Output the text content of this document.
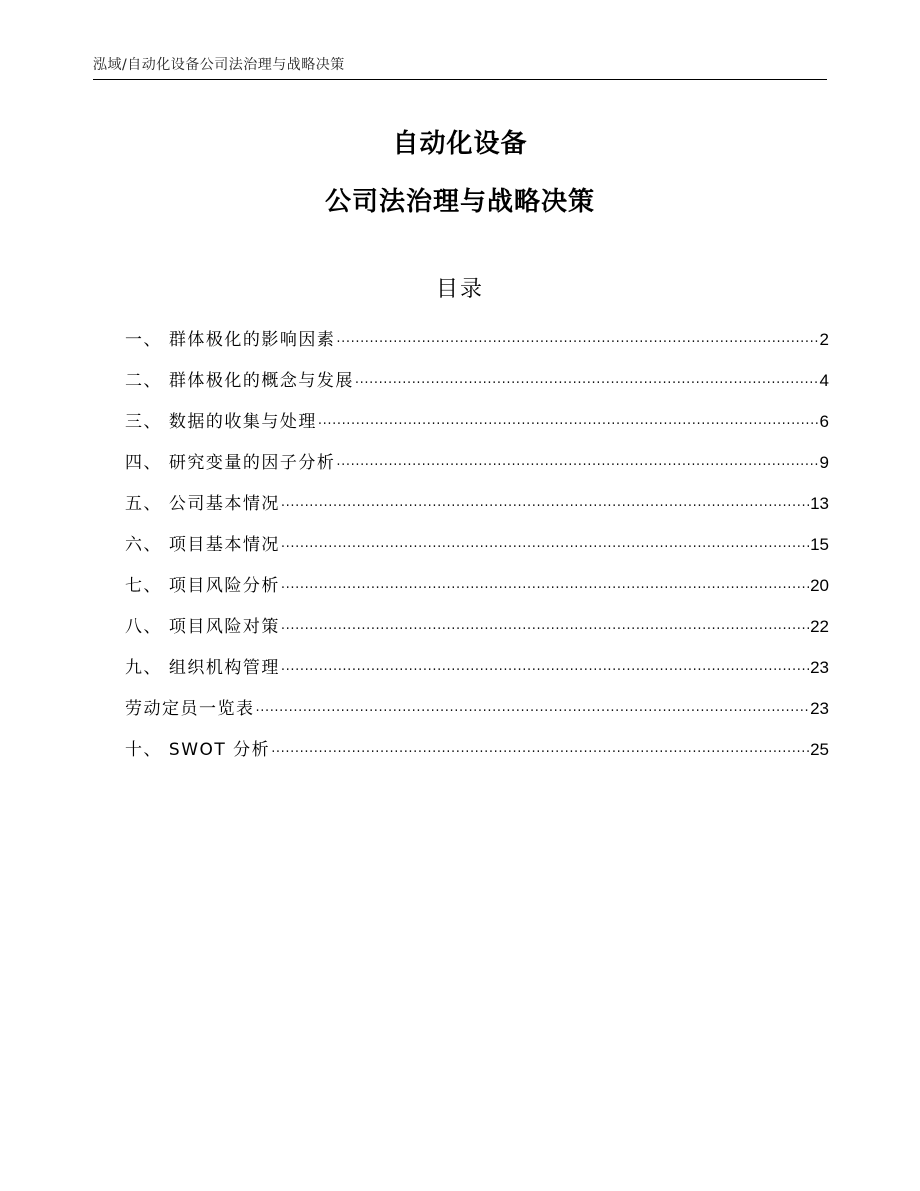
泓域/自动化设备公司法治理与战略决策
自动化设备
公司法治理与战略决策
目录
一、 群体极化的影响因素 .....	2
二、 群体极化的概念与发展 .....	4
三、 数据的收集与处理 .....	6
四、 研究变量的因子分析 .....	9
五、 公司基本情况 .....	13
六、 项目基本情况 .....	15
七、 项目风险分析 .....	20
八、 项目风险对策 .....	22
九、 组织机构管理 .....	23
劳动定员一览表 .....	23
十、 SWOT 分析 .....	25
